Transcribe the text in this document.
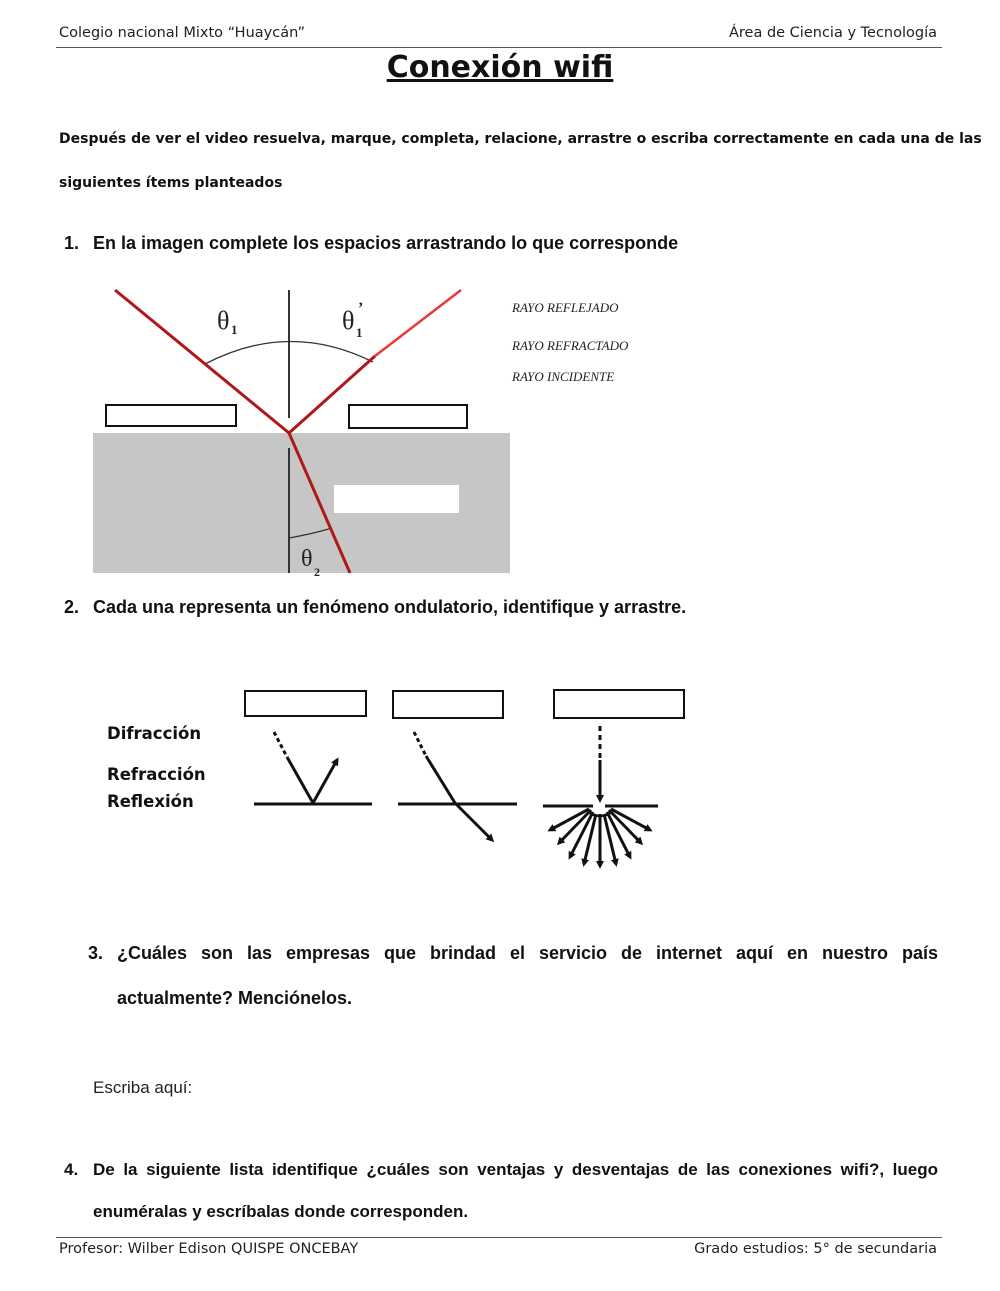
Colegio nacional Mixto “Huaycán”	Área de Ciencia y Tecnología
Conexión wifi
Después de ver el video resuelva, marque, completa, relacione, arrastre o escriba correctamente en cada una de las
siguientes ítems planteados
1. En la imagen complete los espacios arrastrando lo que corresponde
θ 1	θ ’
1
θ 2
RAYO REFLEJADO
RAYO REFRACTADO
RAYO INCIDENTE
2. Cada una representa un fenómeno ondulatorio, identifique y arrastre.
Difracción
Refracción
Reflexión
3. ¿Cuáles son las empresas que brindad el servicio de internet aquí en nuestro país
actualmente? Menciónelos.
Escriba aquí:
4. De la siguiente lista identifique ¿cuáles son ventajas y desventajas de las conexiones wifi?, luego
enuméralas y escríbalas donde corresponden.
Profesor: Wilber Edison QUISPE ONCEBAY	Grado estudios: 5° de secundaria
